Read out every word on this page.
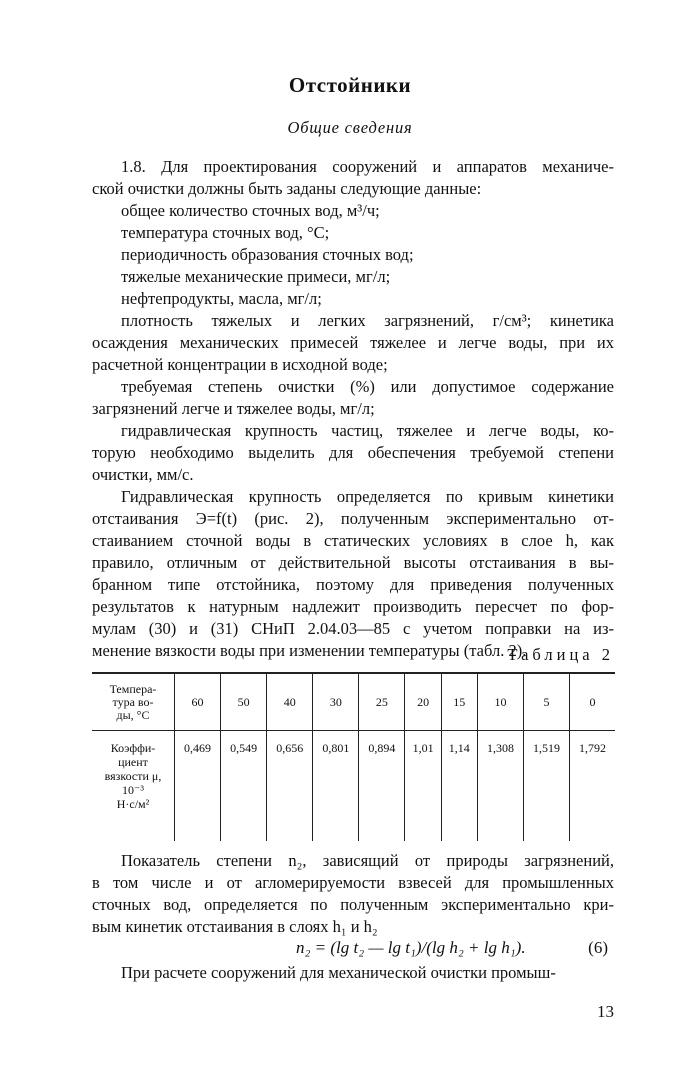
Отстойники
Общие сведения
1.8. Для проектирования сооружений и аппаратов механиче-
ской очистки должны быть заданы следующие данные:
общее количество сточных вод, м³/ч;
температура сточных вод, °С;
периодичность образования сточных вод;
тяжелые механические примеси, мг/л;
нефтепродукты, масла, мг/л;
плотность тяжелых и легких загрязнений, г/см³; кинетика
осаждения механических примесей тяжелее и легче воды, при их
расчетной концентрации в исходной воде;
требуемая степень очистки (%) или допустимое содержание
загрязнений легче и тяжелее воды, мг/л;
гидравлическая крупность частиц, тяжелее и легче воды, ко-
торую необходимо выделить для обеспечения требуемой степени
очистки, мм/с.
Гидравлическая крупность определяется по кривым кинетики
отстаивания Э=f(t) (рис. 2), полученным экспериментально от-
стаиванием сточной воды в статических условиях в слое h, как
правило, отличным от действительной высоты отстаивания в вы-
бранном типе отстойника, поэтому для приведения полученных
результатов к натурным надлежит производить пересчет по фор-
мулам (30) и (31) СНиП 2.04.03—85 с учетом поправки на из-
менение вязкости воды при изменении температуры (табл. 2).
Таблица 2
Темпера-
тура во-
ды, °С	60	50	40	30	25	20	15	10	5	0

Коэффи-
циент
вязкости μ,
10⁻³
Н·с/м²	0,469	0,549	0,656	0,801	0,894	1,01	1,14	1,308	1,519	1,792
Показатель степени n₂, зависящий от природы загрязнений,
в том числе и от агломерируемости взвесей для промышленных
сточных вод, определяется по полученным экспериментально кри-
вым кинетик отстаивания в слоях h₁ и h₂
n₂ = (lg t₂ — lg t₁)/(lg h₂ + lg h₁).	(6)
При расчете сооружений для механической очистки промыш-
13
